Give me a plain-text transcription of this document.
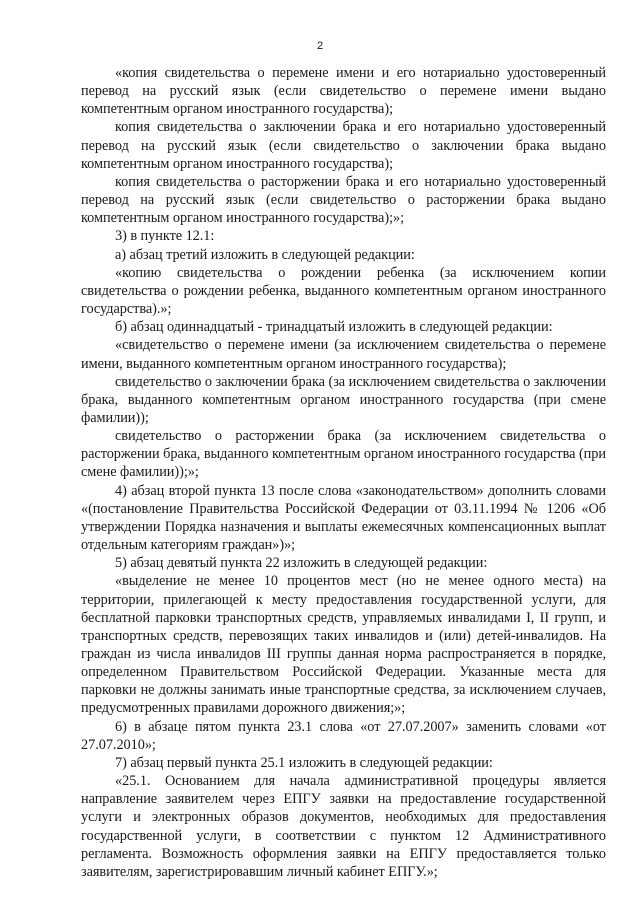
2

«копия свидетельства о перемене имени и его нотариально удостоверенный перевод на русский язык (если свидетельство о перемене имени выдано компетентным органом иностранного государства);

копия свидетельства о заключении брака и его нотариально удостоверенный перевод на русский язык (если свидетельство о заключении брака выдано компетентным органом иностранного государства);

копия свидетельства о расторжении брака и его нотариально удостоверенный перевод на русский язык (если свидетельство о расторжении брака выдано компетентным органом иностранного государства);»;

3) в пункте 12.1:

а) абзац третий изложить в следующей редакции:

«копию свидетельства о рождении ребенка (за исключением копии свидетельства о рождении ребенка, выданного компетентным органом иностранного государства).»;

б) абзац одиннадцатый - тринадцатый изложить в следующей редакции:

«свидетельство о перемене имени (за исключением свидетельства о перемене имени, выданного компетентным органом иностранного государства);

свидетельство о заключении брака (за исключением свидетельства о заключении брака, выданного компетентным органом иностранного государства (при смене фамилии));

свидетельство о расторжении брака (за исключением свидетельства о расторжении брака, выданного компетентным органом иностранного государства (при смене фамилии));»;

4) абзац второй пункта 13 после слова «законодательством» дополнить словами «(постановление Правительства Российской Федерации от 03.11.1994 № 1206 «Об утверждении Порядка назначения и выплаты ежемесячных компенсационных выплат отдельным категориям граждан»)»;

5) абзац девятый пункта 22 изложить в следующей редакции:

«выделение не менее 10 процентов мест (но не менее одного места) на территории, прилегающей к месту предоставления государственной услуги, для бесплатной парковки транспортных средств, управляемых инвалидами I, II групп, и транспортных средств, перевозящих таких инвалидов и (или) детей-инвалидов. На граждан из числа инвалидов III группы данная норма распространяется в порядке, определенном Правительством Российской Федерации. Указанные места для парковки не должны занимать иные транспортные средства, за исключением случаев, предусмотренных правилами дорожного движения;»;

6) в абзаце пятом пункта 23.1 слова «от 27.07.2007» заменить словами «от 27.07.2010»;

7) абзац первый пункта 25.1 изложить в следующей редакции:

«25.1. Основанием для начала административной процедуры является направление заявителем через ЕПГУ заявки на предоставление государственной услуги и электронных образов документов, необходимых для предоставления государственной услуги, в соответствии с пунктом 12 Административного регламента. Возможность оформления заявки на ЕПГУ предоставляется только заявителям, зарегистрировавшим личный кабинет ЕПГУ.»;
